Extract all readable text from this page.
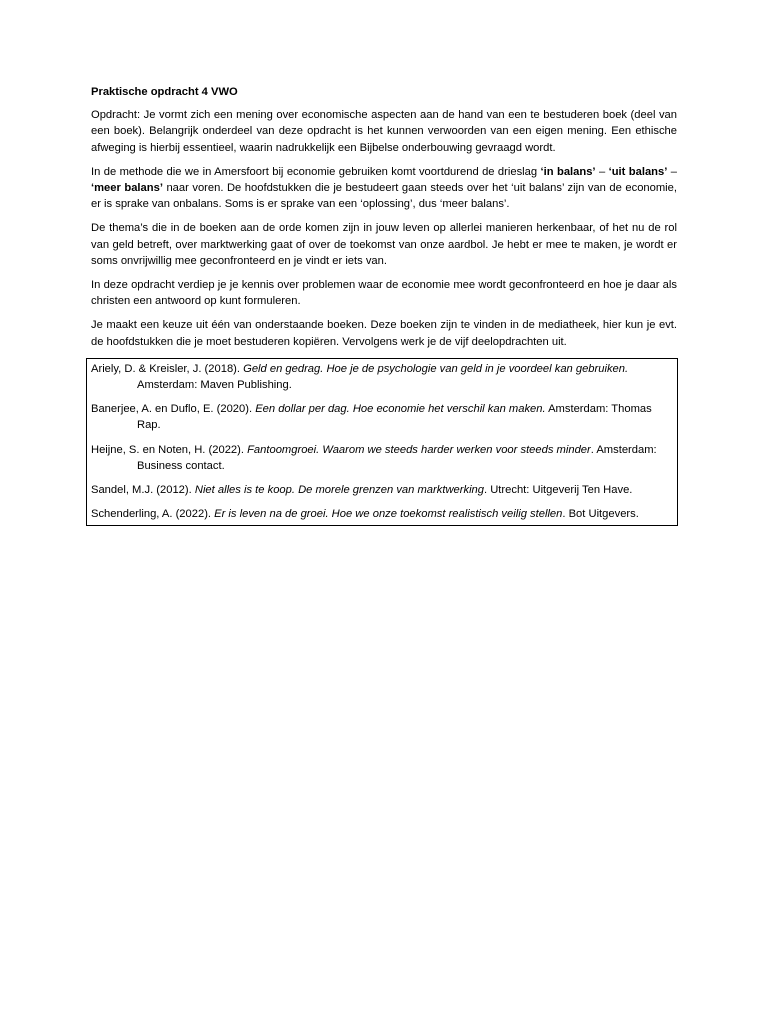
Praktische opdracht 4 VWO

Opdracht: Je vormt zich een mening over economische aspecten aan de hand van een te bestuderen boek (deel van een boek). Belangrijk onderdeel van deze opdracht is het kunnen verwoorden van een eigen mening. Een ethische afweging is hierbij essentieel, waarin nadrukkelijk een Bijbelse onderbouwing gevraagd wordt.

In de methode die we in Amersfoort bij economie gebruiken komt voortdurend de drieslag ‘in balans’ – ‘uit balans’ – ‘meer balans’ naar voren. De hoofdstukken die je bestudeert gaan steeds over het ‘uit balans’ zijn van de economie, er is sprake van onbalans. Soms is er sprake van een ‘oplossing’, dus ‘meer balans’.

De thema’s die in de boeken aan de orde komen zijn in jouw leven op allerlei manieren herkenbaar, of het nu de rol van geld betreft, over marktwerking gaat of over de toekomst van onze aardbol. Je hebt er mee te maken, je wordt er soms onvrijwillig mee geconfronteerd en je vindt er iets van.

In deze opdracht verdiep je je kennis over problemen waar de economie mee wordt geconfronteerd en hoe je daar als christen een antwoord op kunt formuleren.

Je maakt een keuze uit één van onderstaande boeken. Deze boeken zijn te vinden in de mediatheek, hier kun je evt. de hoofdstukken die je moet bestuderen kopiëren. Vervolgens werk je de vijf deelopdrachten uit.

Ariely, D. & Kreisler, J. (2018). Geld en gedrag. Hoe je de psychologie van geld in je voordeel kan gebruiken. Amsterdam: Maven Publishing.

Banerjee, A. en Duflo, E. (2020). Een dollar per dag. Hoe economie het verschil kan maken. Amsterdam: Thomas Rap.

Heijne, S. en Noten, H. (2022). Fantoomgroei. Waarom we steeds harder werken voor steeds minder. Amsterdam: Business contact.

Sandel, M.J. (2012). Niet alles is te koop. De morele grenzen van marktwerking. Utrecht: Uitgeverij Ten Have.

Schenderling, A. (2022). Er is leven na de groei. Hoe we onze toekomst realistisch veilig stellen. Bot Uitgevers.
